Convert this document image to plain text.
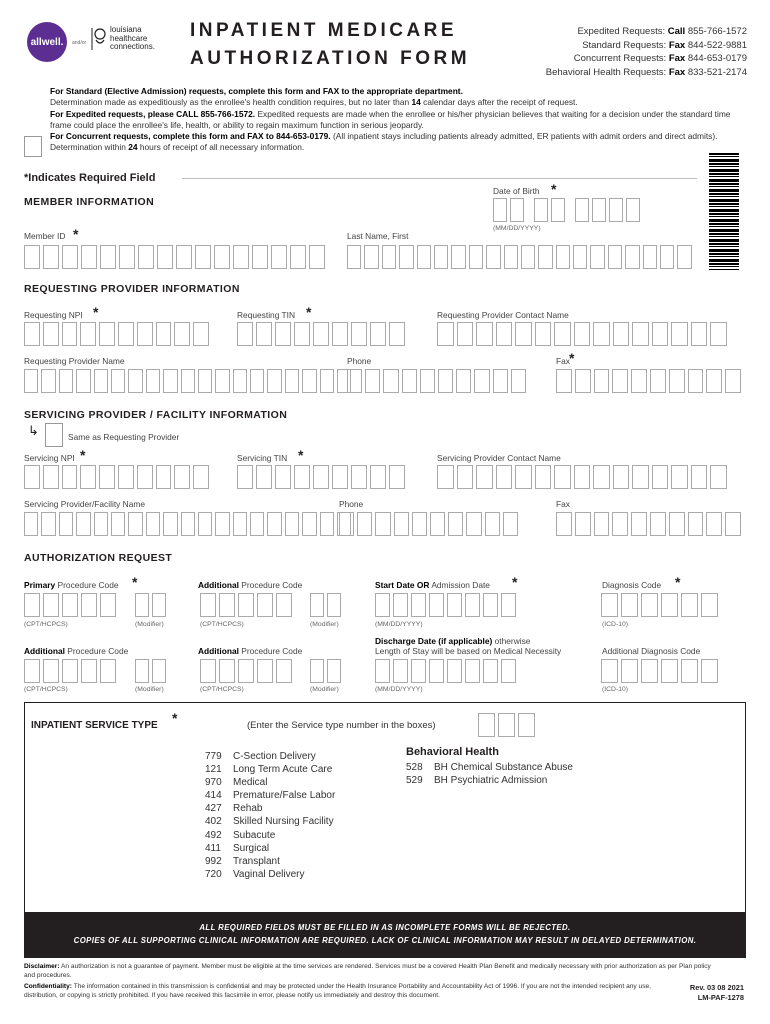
allwell. and/or
louisiana
healthcare
connections.
INPATIENT MEDICARE
AUTHORIZATION FORM
Expedited Requests: Call 855-766-1572
Standard Requests: Fax 844-522-9881
Concurrent Requests: Fax 844-653-0179
Behavioral Health Requests: Fax 833-521-2174
For Standard (Elective Admission) requests, complete this form and FAX to the appropriate department.
Determination made as expeditiously as the enrollee's health condition requires, but no later than 14 calendar days after the receipt of request.
For Expedited requests, please CALL 855-766-1572. Expedited requests are made when the enrollee or his/her physician believes that waiting for a decision under the standard time frame could place the enrollee's life, health, or ability to regain maximum function in serious jeopardy.
For Concurrent requests, complete this form and FAX to 844-653-0179. (All inpatient stays including patients already admitted, ER patients with admit orders and direct admits). Determination within 24 hours of receipt of all necessary information.
*Indicates Required Field
MEMBER INFORMATION
Date of Birth *
(MM/DD/YYYY)
Member ID *	Last Name, First
REQUESTING PROVIDER INFORMATION
Requesting NPI *	Requesting TIN *	Requesting Provider Contact Name
Requesting Provider Name	Phone	Fax *
SERVICING PROVIDER / FACILITY INFORMATION
↳	Same as Requesting Provider
Servicing NPI *	Servicing TIN *	Servicing Provider Contact Name
Servicing Provider/Facility Name	Phone	Fax
AUTHORIZATION REQUEST
Primary Procedure Code *	Additional Procedure Code	Start Date OR Admission Date *	Diagnosis Code *
(CPT/HCPCS)	(Modifier)	(CPT/HCPCS)	(Modifier)	(MM/DD/YYYY)	(ICD-10)
Additional Procedure Code	Additional Procedure Code
Discharge Date (if applicable) otherwise
Length of Stay will be based on Medical Necessity	Additional Diagnosis Code
(CPT/HCPCS)	(Modifier)	(CPT/HCPCS)	(Modifier)	(MM/DD/YYYY)	(ICD-10)
INPATIENT SERVICE TYPE *	(Enter the Service type number in the boxes)
779	C-Section Delivery
121	Long Term Acute Care
970	Medical
414	Premature/False Labor
427	Rehab
402	Skilled Nursing Facility
492	Subacute
411	Surgical
992	Transplant
720	Vaginal Delivery
Behavioral Health
528	BH Chemical Substance Abuse
529	BH Psychiatric Admission
ALL REQUIRED FIELDS MUST BE FILLED IN AS INCOMPLETE FORMS WILL BE REJECTED.
COPIES OF ALL SUPPORTING CLINICAL INFORMATION ARE REQUIRED. LACK OF CLINICAL INFORMATION MAY RESULT IN DELAYED DETERMINATION.
Disclaimer: An authorization is not a guarantee of payment. Member must be eligible at the time services are rendered. Services must be a covered Health Plan Benefit and medically necessary with prior authorization as per Plan policy and procedures.
Confidentiality: The information contained in this transmission is confidential and may be protected under the Health Insurance Portability and Accountability Act of 1996. If you are not the intended recipient any use, distribution, or copying is strictly prohibited. If you have received this facsimile in error, please notify us immediately and destroy this document.
Rev. 03 08 2021
LM-PAF-1278
